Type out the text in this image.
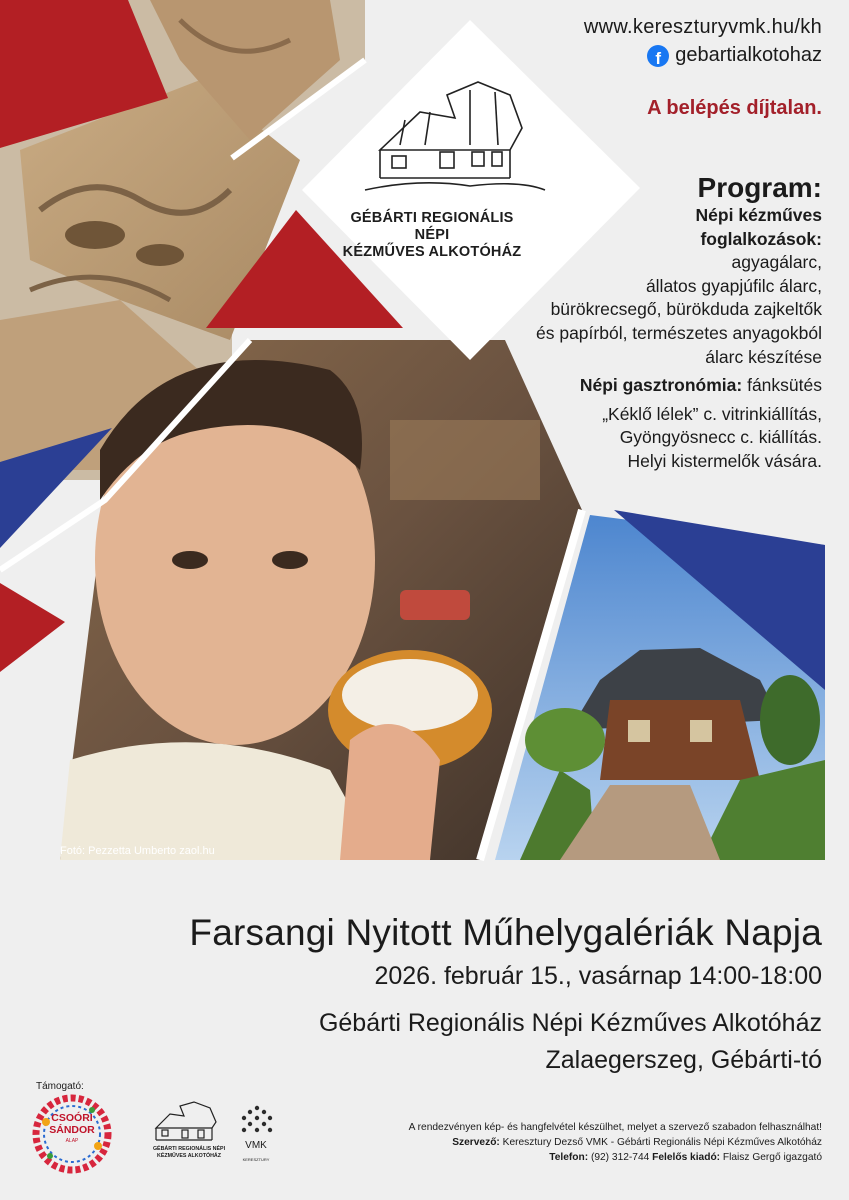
www.keresztury​vmk.hu/kh
f gebartialkotohaz
A belépés díjtalan.
GÉBÁRTI REGIONÁLIS NÉPI
KÉZMŰVES ALKOTÓHÁZ
Program:
Népi kézműves
foglalkozások:
agyagálarc,
állatos gyapjúfilc álarc,
bürökrecsegő, bürökduda zajkeltők
és papírból, természetes anyagokból
álarc készítése
Népi gasztronómia: fánksütés
„Kéklő lélek” c. vitrinkiállítás,
Gyöngyösnecc c. kiállítás.
Helyi kistermelők vására.
Fotó: Pezzetta Umberto zaol.hu
Farsangi Nyitott Műhelygalériák Napja
2026. február 15., vasárnap 14:00-18:00
Gébárti Regionális Népi Kézműves Alkotóház
Zalaegerszeg, Gébárti-tó
Támogató:
CSOÓRI
SÁNDOR
ALAP
GÉBÁRTI REGIONÁLIS NÉPI
KÉZMŰVES ALKOTÓHÁZ
VMK
KERESZTURY
A rendezvényen kép- és hangfelvétel készülhet, melyet a szervező szabadon felhasználhat!
Szervező: Keresztury Dezső VMK - Gébárti Regionális Népi Kézműves Alkotóház
Telefon: (92) 312-744 Felelős kiadó: Flaisz Gergő igazgató
